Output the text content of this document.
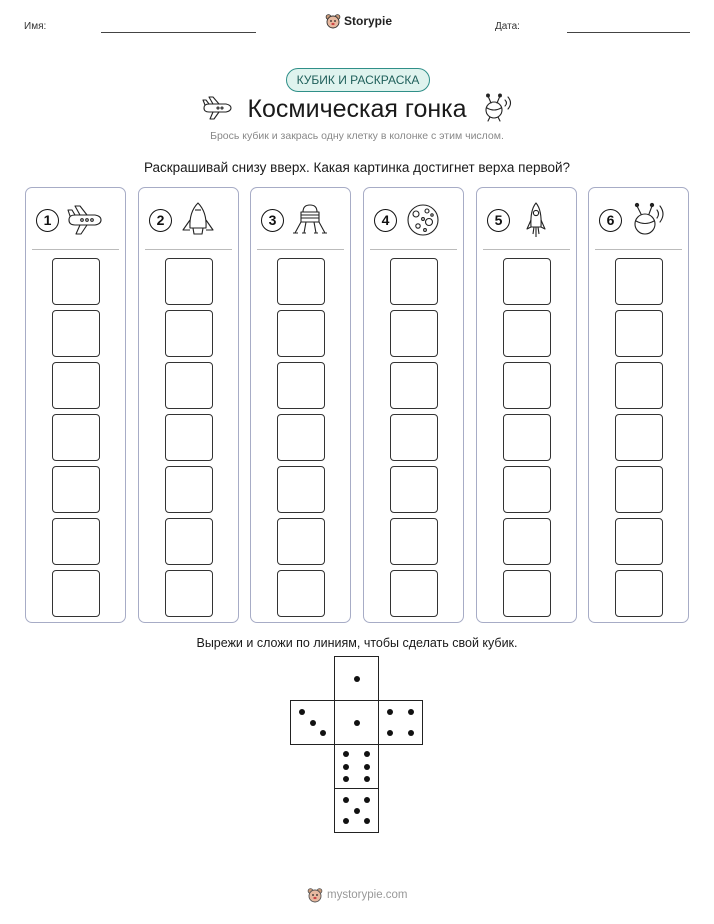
Имя:	Storypie	Дата:
КУБИК И РАСКРАСКА
Космическая гонка
Брось кубик и закрась одну клетку в колонке с этим числом.
Раскрашивай снизу вверх. Какая картинка достигнет верха первой?
1	2	3	4	5	6
Вырежи и сложи по линиям, чтобы сделать свой кубик.
mystorypie.com
